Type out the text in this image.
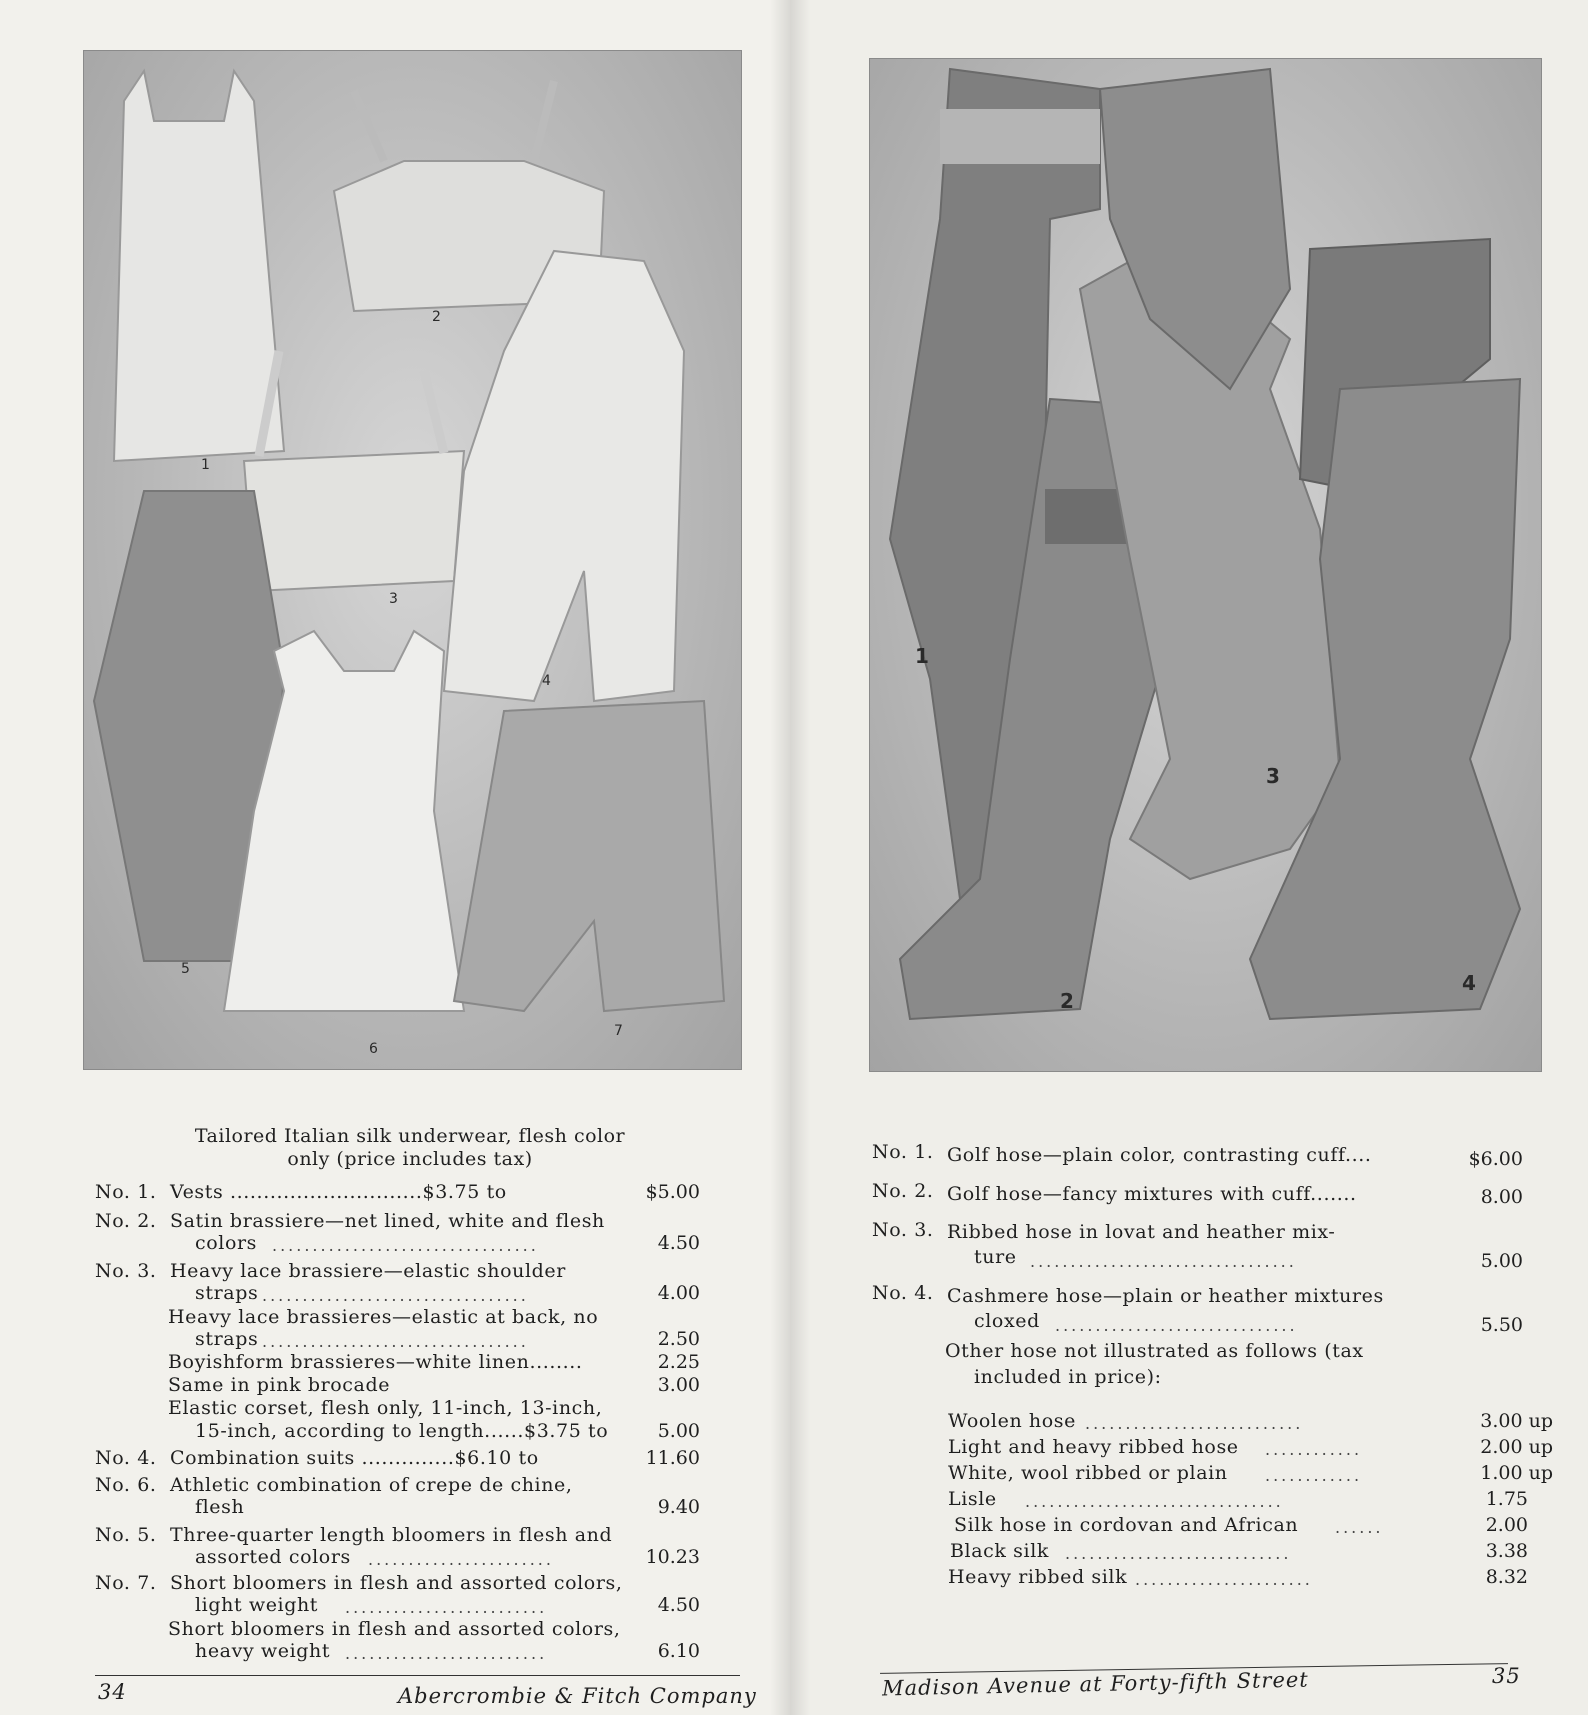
1
2
3
4
5
6
7
Tailored Italian silk underwear, flesh color
only (price includes tax)
No. 1. Vests .............................$3.75 to	$5.00
No. 2. Satin brassiere—net lined, white and flesh
colors .................................	4.50
No. 3. Heavy lace brassiere—elastic shoulder
straps .................................	4.00
Heavy lace brassieres—elastic at back, no
straps .................................	2.50
Boyishform brassieres—white linen........	2.25
Same in pink brocade	3.00
Elastic corset, flesh only, 11-inch, 13-inch,
15-inch, according to length......$3.75 to	5.00
No. 4. Combination suits ..............$6.10 to	11.60
No. 6. Athletic combination of crepe de chine,
flesh	9.40
No. 5. Three-quarter length bloomers in flesh and
assorted colors .......................	10.23
No. 7. Short bloomers in flesh and assorted colors,
light weight .........................	4.50
Short bloomers in flesh and assorted colors,
heavy weight .........................	6.10
34	Abercrombie & Fitch Company
1
2
3
4
No. 1. Golf hose—plain color, contrasting cuff....	$6.00
No. 2. Golf hose—fancy mixtures with cuff.......	8.00
No. 3. Ribbed hose in lovat and heather mix-
ture .................................	5.00
No. 4. Cashmere hose—plain or heather mixtures
cloxed ..............................	5.50
Other hose not illustrated as follows (tax
included in price):
Woolen hose ...........................	3.00 up
Light and heavy ribbed hose ............	2.00 up
White, wool ribbed or plain ............	1.00 up
Lisle ................................	1.75
Silk hose in cordovan and African ......	2.00
Black silk ............................	3.38
Heavy ribbed silk ......................	8.32
Madison Avenue at Forty-fifth Street	35
